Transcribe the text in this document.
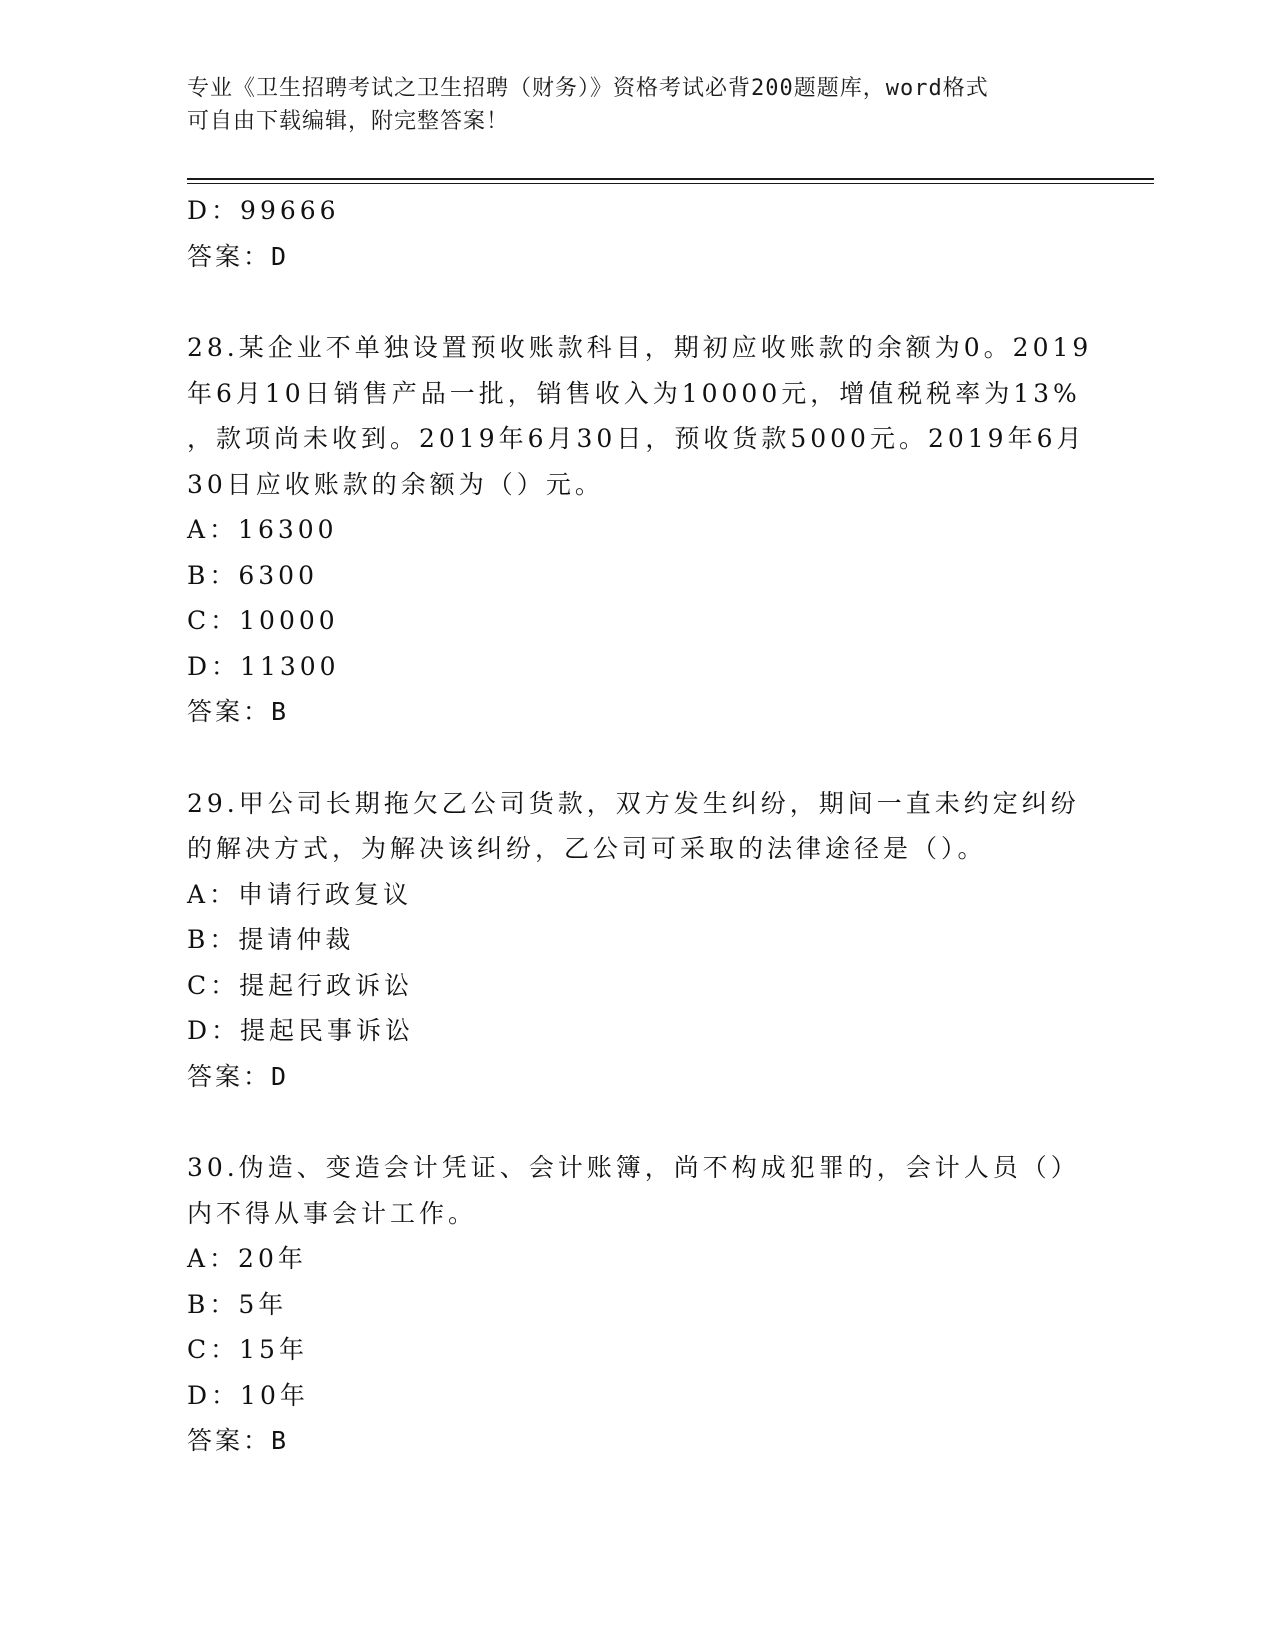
专业《卫生招聘考试之卫生招聘（财务）》资格考试必背200题题库，word格式
可自由下载编辑，附完整答案！
D：99666
答案：D
28.某企业不单独设置预收账款科目，期初应收账款的余额为0。2019
年6月10日销售产品一批，销售收入为10000元，增值税税率为13%
，款项尚未收到。2019年6月30日，预收货款5000元。2019年6月
30日应收账款的余额为（）元。
A：16300
B：6300
C：10000
D：11300
答案：B
29.甲公司长期拖欠乙公司货款，双方发生纠纷，期间一直未约定纠纷
的解决方式，为解决该纠纷，乙公司可采取的法律途径是（）。
A：申请行政复议
B：提请仲裁
C：提起行政诉讼
D：提起民事诉讼
答案：D
30.伪造、变造会计凭证、会计账簿，尚不构成犯罪的，会计人员（）
内不得从事会计工作。
A：20年
B：5年
C：15年
D：10年
答案：B
